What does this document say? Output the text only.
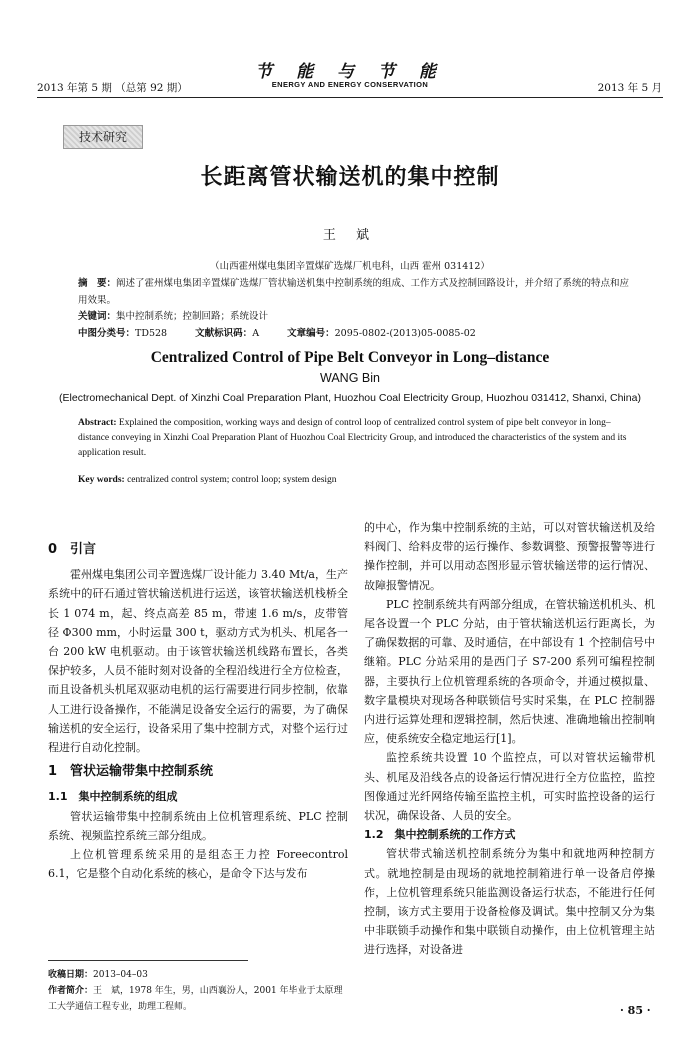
2013 年第 5 期 （总第 92 期）
节 能 与 节 能
ENERGY AND ENERGY CONSERVATION	2013 年 5 月
技术研究
长距离管状输送机的集中控制
王 斌
（山西霍州煤电集团辛置煤矿选煤厂机电科，山西 霍州 031412）
摘　要：阐述了霍州煤电集团辛置煤矿选煤厂管状输送机集中控制系统的组成、工作方式及控制回路设计，并介绍了系统的特点和应用效果。
关键词：集中控制系统；控制回路；系统设计
中图分类号：TD528	文献标识码：A	文章编号：2095-0802-(2013)05-0085-02
Centralized Control of Pipe Belt Conveyor in Long–distance
WANG Bin
(Electromechanical Dept. of Xinzhi Coal Preparation Plant, Huozhou Coal Electricity Group, Huozhou 031412, Shanxi, China)
Abstract: Explained the composition, working ways and design of control loop of centralized control system of pipe belt conveyor in long–distance conveying in Xinzhi Coal Preparation Plant of Huozhou Coal Electricity Group, and introduced the characteristics of the system and its application result.
Key words: centralized control system; control loop; system design
0　引言

霍州煤电集团公司辛置选煤厂设计能力 3.40 Mt/a，生产系统中的矸石通过管状输送机进行运送，该管状输送机栈桥全长 1 074 m，起、终点高差 85 m，带速 1.6 m/s，皮带管径 Φ300 mm，小时运量 300 t，驱动方式为机头、机尾各一台 200 kW 电机驱动。由于该管状输送机线路布置长，各类保护较多，人员不能时刻对设备的全程沿线进行全方位检查，而且设备机头机尾双驱动电机的运行需要进行同步控制，依靠人工进行设备操作，不能满足设备安全运行的需要，为了确保输送机的安全运行，设备采用了集中控制方式，对整个运行过程进行自动化控制。

1　管状运输带集中控制系统
1.1　集中控制系统的组成

管状运输带集中控制系统由上位机管理系统、PLC 控制系统、视频监控系统三部分组成。

上位机管理系统采用的是组态王力控 Foreecontrol 6.1，它是整个自动化系统的核心，是命令下达与发布

的中心，作为集中控制系统的主站，可以对管状输送机及给料阀门、给料皮带的运行操作、参数调整、预警报警等进行操作控制，并可以用动态图形显示管状输送带的运行情况、故障报警情况。

PLC 控制系统共有两部分组成，在管状输送机机头、机尾各设置一个 PLC 分站，由于管状输送机运行距离长，为了确保数据的可靠、及时通信，在中部设有 1 个控制信号中继箱。PLC 分站采用的是西门子 S7-200 系列可编程控制器，主要执行上位机管理系统的各项命令，并通过模拟量、数字量模块对现场各种联锁信号实时采集，在 PLC 控制器内进行运算处理和逻辑控制，然后快速、准确地输出控制响应，使系统安全稳定地运行[1]。

监控系统共设置 10 个监控点，可以对管状运输带机头、机尾及沿线各点的设备运行情况进行全方位监控，监控图像通过光纤网络传输至监控主机，可实时监控设备的运行状况，确保设备、人员的安全。

1.2　集中控制系统的工作方式

管状带式输送机控制系统分为集中和就地两种控制方式。就地控制是由现场的就地控制箱进行单一设备启停操作，上位机管理系统只能监测设备运行状态，不能进行任何控制，该方式主要用于设备检修及调试。集中控制又分为集中非联锁手动操作和集中联锁自动操作，由上位机管理主站进行选择，对设备进

收稿日期：2013–04–03
作者简介：王　斌，1978 年生，男，山西襄汾人，2001 年毕业于太原理工大学通信工程专业，助理工程师。	· 85 ·
